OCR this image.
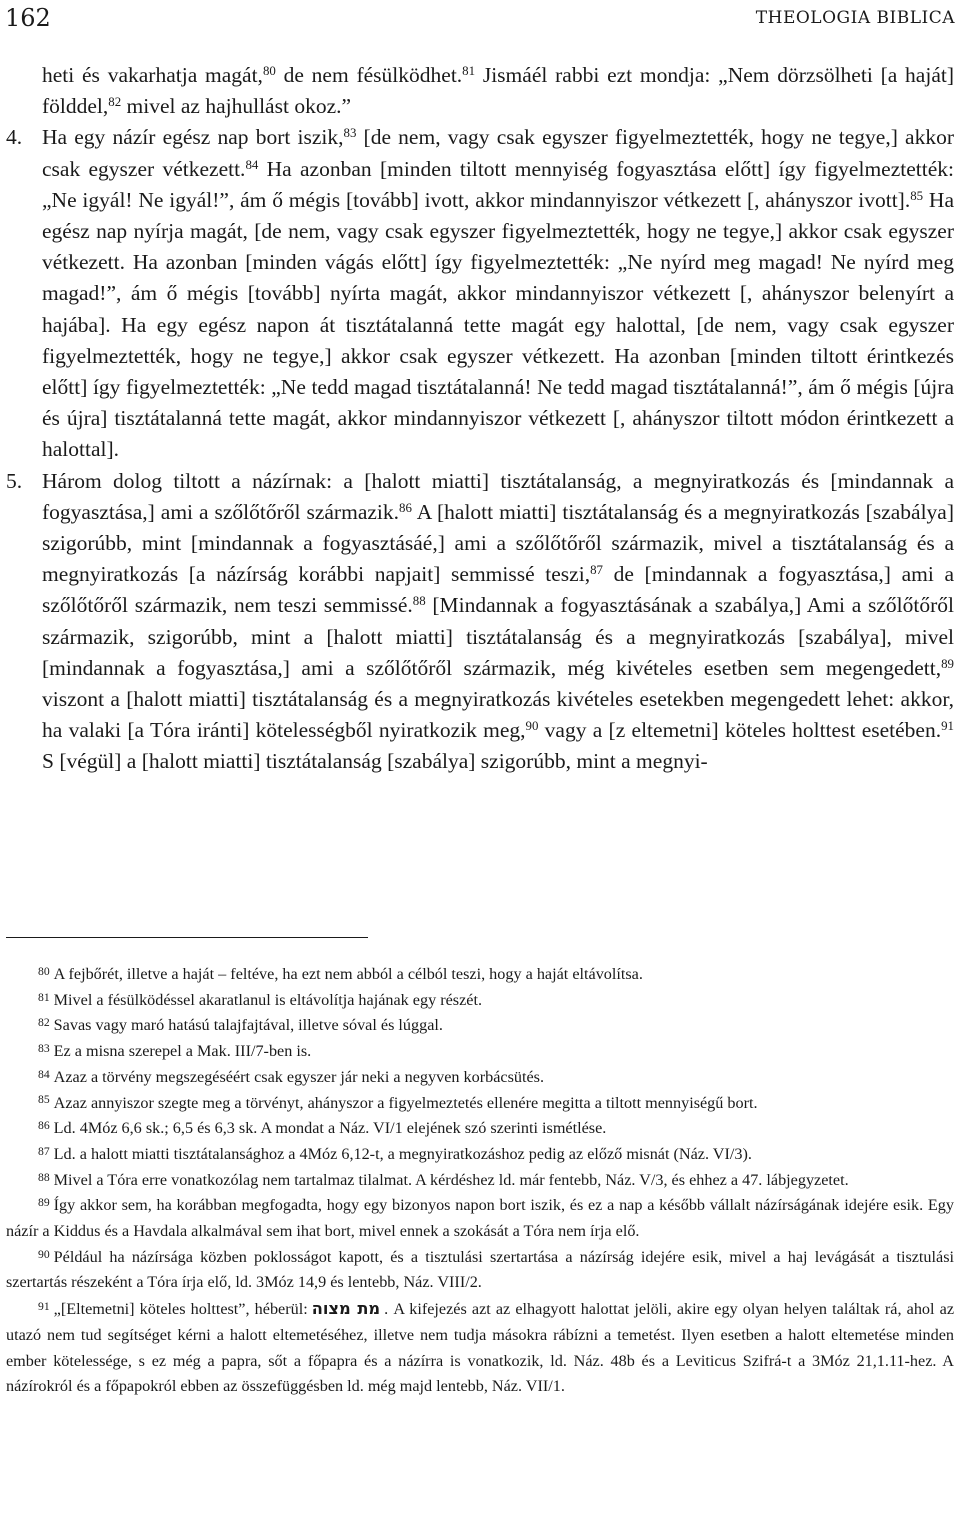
162	THEOLOGIA BIBLICA

heti és vakarhatja magát,$^{80}$ de nem fésülködhet.$^{81}$ Jismáél rabbi ezt mondja: „Nem dörzsölheti [a haját] földdel,$^{82}$ mivel az hajhullást okoz.”

4. Ha egy názír egész nap bort iszik,$^{83}$ [de nem, vagy csak egyszer figyelmeztették, hogy ne tegye,] akkor csak egyszer vétkezett.$^{84}$ Ha azonban [minden tiltott mennyiség fogyasztása előtt] így figyelmeztették: „Ne igyál! Ne igyál!”, ám ő mégis [tovább] ivott, akkor mindannyiszor vétkezett [, ahányszor ivott].$^{85}$ Ha egész nap nyírja magát, [de nem, vagy csak egyszer figyelmeztették, hogy ne tegye,] akkor csak egyszer vétkezett. Ha azonban [minden vágás előtt] így figyelmeztették: „Ne nyírd meg magad! Ne nyírd meg magad!”, ám ő mégis [tovább] nyírta magát, akkor mindannyiszor vétkezett [, ahányszor belenyírt a hajába]. Ha egy egész napon át tisztátalanná tette magát egy halottal, [de nem, vagy csak egyszer figyelmeztették, hogy ne tegye,] akkor csak egyszer vétkezett. Ha azonban [minden tiltott érintkezés előtt] így figyelmeztették: „Ne tedd magad tisztátalanná! Ne tedd magad tisztátalanná!”, ám ő mégis [újra és újra] tisztátalanná tette magát, akkor mindannyiszor vétkezett [, ahányszor tiltott módon érintkezett a halottal].

5. Három dolog tiltott a názírnak: a [halott miatti] tisztátalanság, a megnyiratkozás és [mindannak a fogyasztása,] ami a szőlőtőről származik.$^{86}$ A [halott miatti] tisztátalanság és a megnyiratkozás [szabálya] szigorúbb, mint [mindannak a fogyasztásáé,] ami a szőlőtőről származik, mivel a tisztátalanság és a megnyiratkozás [a názírság korábbi napjait] semmissé teszi,$^{87}$ de [mindannak a fogyasztása,] ami a szőlőtőről származik, nem teszi semmissé.$^{88}$ [Mindannak a fogyasztásának a szabálya,] Ami a szőlőtőről származik, szigorúbb, mint a [halott miatti] tisztátalanság és a megnyiratkozás [szabálya], mivel [mindannak a fogyasztása,] ami a szőlőtőről származik, még kivételes esetben sem megengedett,$^{89}$ viszont a [halott miatti] tisztátalanság és a megnyiratkozás kivételes esetekben megengedett lehet: akkor, ha valaki [a Tóra iránti] kötelességből nyiratkozik meg,$^{90}$ vagy a [z eltemetni] köteles holttest esetében.$^{91}$ S [végül] a [halott miatti] tisztátalanság [szabálya] szigorúbb, mint a megnyi-

$^{80}$ A fejbőrét, illetve a haját – feltéve, ha ezt nem abból a célból teszi, hogy a haját eltávolítsa.

$^{81}$ Mivel a fésülködéssel akaratlanul is eltávolítja hajának egy részét.

$^{82}$ Savas vagy maró hatású talajfajtával, illetve sóval és lúggal.

$^{83}$ Ez a misna szerepel a Mak. III/7-ben is.

$^{84}$ Azaz a törvény megszegéséért csak egyszer jár neki a negyven korbácsütés.

$^{85}$ Azaz annyiszor szegte meg a törvényt, ahányszor a figyelmeztetés ellenére megitta a tiltott mennyiségű bort.

$^{86}$ Ld. 4Móz 6,6 sk.; 6,5 és 6,3 sk. A mondat a Náz. VI/1 elejének szó szerinti ismétlése.

$^{87}$ Ld. a halott miatti tisztátalansághoz a 4Móz 6,12-t, a megnyiratkozáshoz pedig az előző misnát (Náz. VI/3).

$^{88}$ Mivel a Tóra erre vonatkozólag nem tartalmaz tilalmat. A kérdéshez ld. már fentebb, Náz. V/3, és ehhez a 47. lábjegyzetet.

$^{89}$ Így akkor sem, ha korábban megfogadta, hogy egy bizonyos napon bort iszik, és ez a nap a később vállalt názírságának idejére esik. Egy názír a Kiddus és a Havdala alkalmával sem ihat bort, mivel ennek a szokását a Tóra nem írja elő.

$^{90}$ Például ha názírsága közben poklosságot kapott, és a tisztulási szertartása a názírság idejére esik, mivel a haj levágását a tisztulási szertartás részeként a Tóra írja elő, ld. 3Móz 14,9 és lentebb, Náz. VIII/2.

$^{91}$ „[Eltemetni] köteles holttest”, héberül: מת מצוה . A kifejezés azt az elhagyott halottat jelöli, akire egy olyan helyen találtak rá, ahol az utazó nem tud segítséget kérni a halott eltemetéséhez, illetve nem tudja másokra rábízni a temetést. Ilyen esetben a halott eltemetése minden ember kötelessége, s ez még a papra, sőt a főpapra és a názírra is vonatkozik, ld. Náz. 48b és a Leviticus Szifrá-t a 3Móz 21,1.11-hez. A názírokról és a főpapokról ebben az összefüggésben ld. még majd lentebb, Náz. VII/1.
